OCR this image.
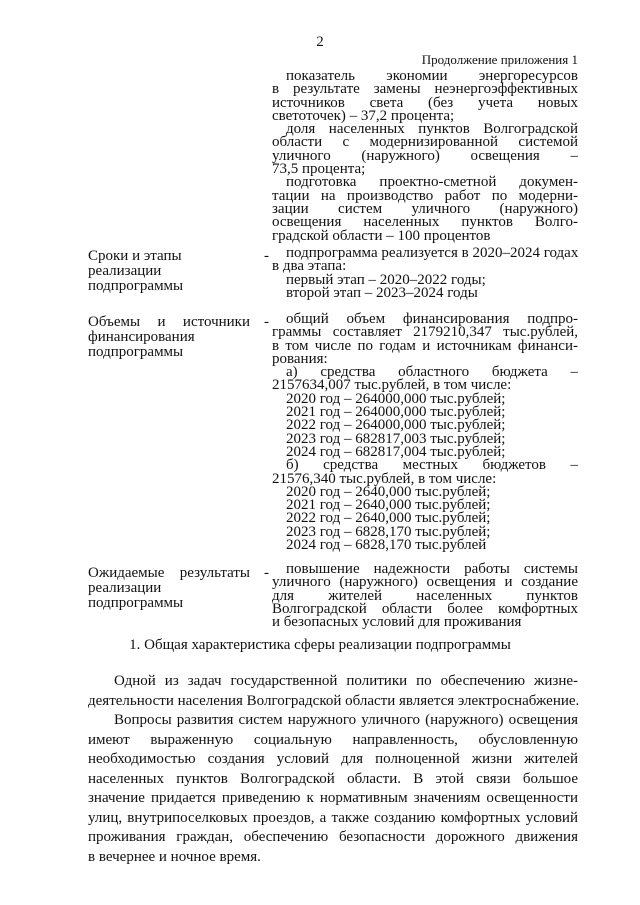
2
Продолжение приложения 1
показатель экономии энергоресурсов
в результате замены неэнергоэффективных
источников света (без учета новых
светоточек) – 37,2 процента;
доля населенных пунктов Волгоградской
области с модернизированной системой
уличного (наружного) освещения –
73,5 процента;
подготовка проектно-сметной докумен-
тации на производство работ по модерни-
зации систем уличного (наружного)
освещения населенных пунктов Волго-
градской области – 100 процентов
Сроки и этапы реализации подпрограммы
-	подпрограмма реализуется в 2020–2024 годах
в два этапа:
первый этап – 2020–2022 годы;
второй этап – 2023–2024 годы
Объемы и источники финансирования подпрограммы
-	общий объем финансирования подпро-
граммы составляет 2179210,347 тыс.рублей,
в том числе по годам и источникам финанси-
рования:
а) средства областного бюджета –
2157634,007 тыс.рублей, в том числе:
2020 год – 264000,000 тыс.рублей;
2021 год – 264000,000 тыс.рублей;
2022 год – 264000,000 тыс.рублей;
2023 год – 682817,003 тыс.рублей;
2024 год – 682817,004 тыс.рублей;
б) средства местных бюджетов –
21576,340 тыс.рублей, в том числе:
2020 год – 2640,000 тыс.рублей;
2021 год – 2640,000 тыс.рублей;
2022 год – 2640,000 тыс.рублей;
2023 год – 6828,170 тыс.рублей;
2024 год – 6828,170 тыс.рублей
Ожидаемые результаты реализации подпрограммы
-	повышение надежности работы системы
уличного (наружного) освещения и создание
для жителей населенных пунктов
Волгоградской области более комфортных
и безопасных условий для проживания
1. Общая характеристика сферы реализации подпрограммы
Одной из задач государственной политики по обеспечению жизне-
деятельности населения Волгоградской области является электроснабжение.
Вопросы развития систем наружного уличного (наружного) освещения
имеют выраженную социальную направленность, обусловленную
необходимостью создания условий для полноценной жизни жителей
населенных пунктов Волгоградской области. В этой связи большое
значение придается приведению к нормативным значениям освещенности
улиц, внутрипоселковых проездов, а также созданию комфортных условий
проживания граждан, обеспечению безопасности дорожного движения
в вечернее и ночное время.
